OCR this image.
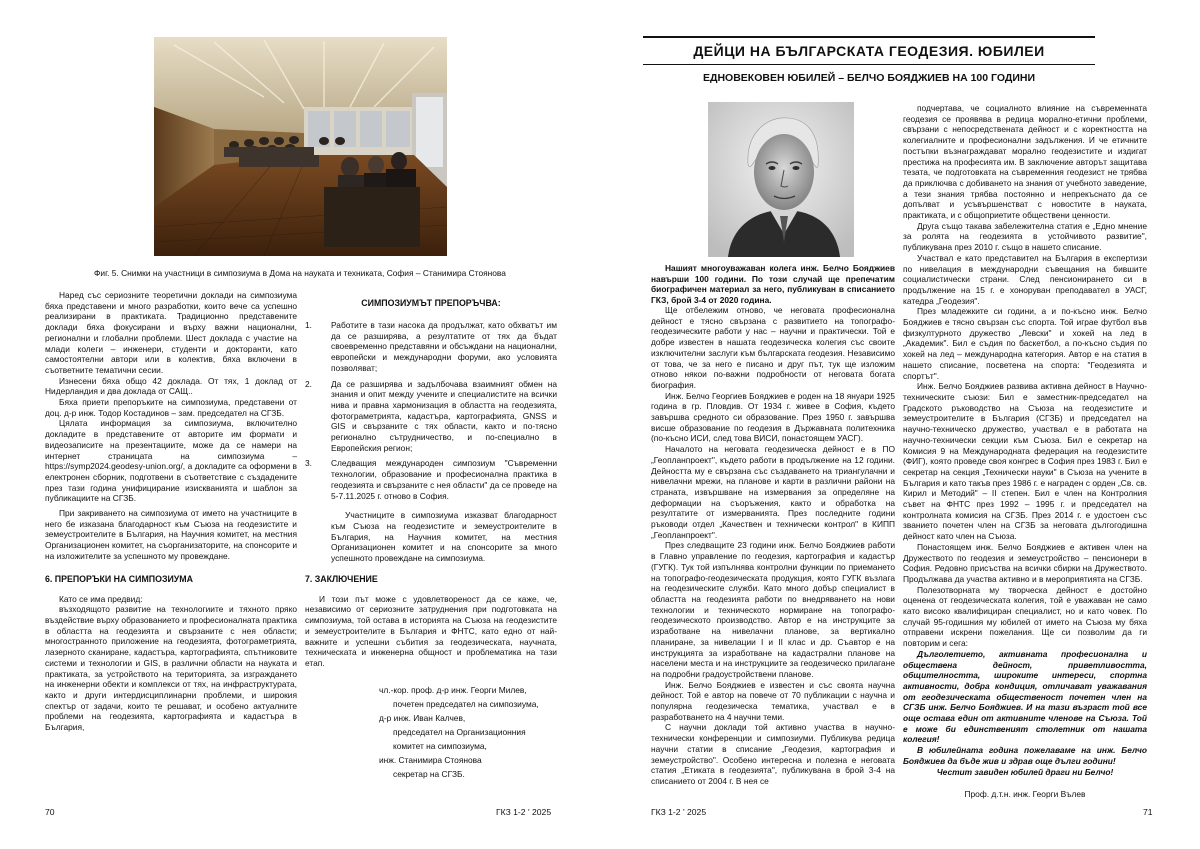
Фиг. 5. Снимки на участници в симпозиума в Дома на науката и техниката, София – Станимира Стоянова

Наред със сериозните теоретични доклади на симпозиума бяха представени и много разработки, които вече са успешно реализирани в практиката. Традиционно представените доклади бяха фокусирани и върху важни национални, регионални и глобални проблеми. Шест доклада с участие на млади колеги – инженери, студенти и докторанти, като самостоятелни автори или в колектив, бяха включени в съответните тематични сесии.

Изнесени бяха общо 42 доклада. От тях, 1 доклад от Нидерландия и два доклада от САЩ..

Бяха приети препоръките на симпозиума, представени от доц. д-р инж. Тодор Костадинов – зам. председател на СГЗБ.

Цялата информация за симпозиума, включително докладите в представените от авторите им формати и видеозаписите на презентациите, може да се намери на интернет страницата на симпозиума – https://symp2024.geodesy-union.org/, а докладите са оформени в електронен сборник, подготвени в съответствие с създадените през тази година унифицирание изискванията и шаблон за публикациите на СГЗБ.

При закриването на симпозиума от името на участниците в него бе изказана благодарност към Съюза на геодезистите и земеустроителите в България, на Научния комитет, на местния Организационен комитет, на съорганизаторите, на спонсорите и на изложителите за успешното му провеждане.

6. ПРЕПОРЪКИ НА СИМПОЗИУМА

Като се има предвид:

възходящото развитие на технологиите и тяхното пряко въздействие върху образованието и професионалната практика в областта на геодезията и свързаните с нея области; многостранното приложение на геодезията, фотограметрията, лазерното сканиране, кадастъра, картографията, спътниковите системи и технологии и GIS, в различни области на науката и практиката, за устройството на територията, за изграждането на инженерни обекти и комплекси от тях, на инфраструктурата, както и други интердисциплинарни проблеми, и широкия спектър от задачи, които те решават, и особено актуалните проблеми на геодезията, картографията и кадастъра в България,

СИМПОЗИУМЪТ ПРЕПОРЪЧВА:

1. Работите в тази насока да продължат, като обхватът им да се разширява, а резултатите от тях да бъдат своевременно представяни и обсъждани на национални, европейски и международни форуми, ако условията позволяват;

2. Да се разширява и задълбочава взаимният обмен на знания и опит между учените и специалистите на всички нива и правна хармонизация в областта на геодезията, фотограметрията, кадастъра, картографията, GNSS и GIS и свързаните с тях области, както и по-тясно регионално сътрудничество, и по-специално в Европейския регион;

3. Следващия международен симпозиум "Съвременни технологии, образование и професионална практика в геодезията и свързаните с нея области" да се проведе на 5-7.11.2025 г. отново в София.

Участниците в симпозиума изказват благодарност към Съюза на геодезистите и земеустроителите в България, на Научния комитет, на местния Организационен комитет и на спонсорите за много успешното провеждане на симпозиума.

7. ЗАКЛЮЧЕНИЕ

И този път може с удовлетвореност да се каже, че, независимо от сериозните затруднения при подготовката на симпозиума, той остава в историята на Съюза на геодезистите и земеустроителите в България и ФНТС, като едно от най-важните и успешни събития за геодезическата, научната, техническата и инженерна общност и проблематика на тази етап.

чл.-кор. проф. д-р инж. Георги Милев,

почетен председател на симпозиума,

д-р инж. Иван Калчев,

председател на Организационния

комитет на симпозиума,

инж. Станимира Стоянова

секретар на СГЗБ.

70	ГКЗ 1-2 ' 2025
ДЕЙЦИ НА БЪЛГАРСКАТА ГЕОДЕЗИЯ. ЮБИЛЕИ

ЕДНОВЕКОВЕН ЮБИЛЕЙ – БЕЛЧО БОЯДЖИЕВ НА 100 ГОДИНИ

Нашият многоуважаван колега инж. Белчо Бояджиев навърши 100 години. По този случай ще препечатим биографичен материал за него, публикуван в списанието ГКЗ, брой 3-4 от 2020 година.

Ще отбележим отново, че неговата професионална дейност е тясно свързана с развитието на топографо-геодезическите работи у нас – научни и практически. Той е добре известен в нашата геодезическа колегия със своите изключителни заслуги към българската геодезия. Независимо от това, че за него е писано и друг път, тук ще изложим отново някои по-важни подробности от неговата богата биография.

Инж. Белчо Георгиев Бояджиев е роден на 18 януари 1925 година в гр. Пловдив. От 1934 г. живее в София, където завършва средното си образование. През 1950 г. завършва висше образование по геодезия в Държавната политехника (по-късно ИСИ, след това ВИСИ, понастоящем УАСГ).

Началото на неговата геодезическа дейност е в ПО „Геопланпроект", където работи в продължение на 12 години. Дейността му е свързана със създаването на триангулачни и нивелачни мрежи, на планове и карти в различни райони на страната, извършване на измервания за определяне на деформации на съоръжения, както и обработка на резултатите от измерванията. През последните години ръководи отдел „Качествен и технически контрол" в КИПП „Геопланпроект".

През следващите 23 години инж. Белчо Бояджиев работи в Главно управление по геодезия, картография и кадастър (ГУГК). Тук той изпълнява контролни функции по приемането на топографо-геодезическата продукция, която ГУГК възлага на геодезическите служби. Като много добър специалист в областта на геодезията работи по внедряването на нови технологии и техническото нормиране на топографо-геодезическото производство. Автор е на инструкците за изработване на нивелачни планове, за вертикално планиране, за нивелации I и II клас и др. Съавтор е на инструкцията за изработване на кадастрални планове на населени места и на инструкциите за геодезическо прилагане на подробни градоустройствени планове.

Инж. Белчо Бояджиев е известен и със своята научна дейност. Той е автор на повече от 70 публикации с научна и популярна геодезическа тематика, участвал е в разработването на 4 научни теми.

С научни доклади той активно участва в научно-технически конференции и симпозиуми. Публикува редица научни статии в списание „Геодезия, картография и земеустройство". Особено интересна и полезна е неговата статия „Етиката в геодезията", публикувана в брой 3-4 на списанието от 2004 г. В нея се

подчертава, че социалното влияние на съвременната геодезия се проявява в редица морално-етични проблеми, свързани с непосредствената дейност и с коректността на колегиалните и професионални задължения. И че етичните постъпки възнаграждават морално геодезистите и издигат престижа на професията им. В заключение авторът защитава тезата, че подготовката на съвременния геодезист не трябва да приключва с добиването на знания от учебното заведение, а тези знания трябва постоянно и непрекъснато да се допълват и усъвършенстват с новостите в науката, практиката, и с общоприетите обществени ценности.

Друга също такава забележителна статия е „Едно мнение за ролята на геодезията в устойчивото развитие", публикувана през 2010 г. също в нашето списание.

Участвал е като представител на България в експертизи по нивелация в международни съвещания на бившите социалистически страни. След пенсионирането си в продължение на 15 г. е хоноруван преподавател в УАСГ, катедра „Геодезия".

През младежките си години, а и по-късно инж. Белчо Бояджиев е тясно свързан със спорта. Той играе футбол във физкултурното дружество „Левски" и хокей на лед в „Академик". Бил е съдия по баскетбол, а по-късно съдия по хокей на лед – международна категория. Автор е на статия в нашето списание, посветена на спорта: "Геодезията и спортът".

Инж. Белчо Бояджиев развива активна дейност в Научно-техническите съюзи: Бил е заместник-председател на Градското ръководство на Съюза на геодезистите и земеустроителите в България (СГЗБ) и председател на научно-техническо дружество, участвал е в работата на научно-технически секции към Съюза. Бил е секретар на Комисия 9 на Международната федерация на геодезистите (ФИГ), която проведе своя конгрес в София през 1983 г. Бил е секретар на секция „Технически науки" в Съюза на учените в България и като такъв през 1986 г. е награден с орден „Св. св. Кирил и Методий" – II степен. Бил е член на Контролния съвет на ФНТС през 1992 – 1995 г. и председател на контролната комисия на СГЗБ. През 2014 г. е удостоен със званието почетен член на СГЗБ за неговата дългогодишна дейност като член на Съюза.

Понастоящем инж. Белчо Бояджиев е активен член на Дружеството по геодезия и земеустройство – пенсионери в София. Редовно присъства на всички сбирки на Дружеството. Продължава да участва активно и в мероприятията на СГЗБ.

Полезотворната му творческа дейност е достойно оценена от геодезическата колегия, той е уважаван не само като високо квалифициран специалист, но и като човек. По случай 95-годишния му юбилей от името на Съюза му бяха отправени искрени пожелания. Ще си позволим да ги повторим и сега:

Дълголетието, активната професионална и обществена дейност, приветливостта, общителността, широките интереси, спортна активности, добра кондиция, отличават уважавания от геодезическата общественост почетен член на СГЗБ инж. Белчо Бояджиев. И на тази възраст той все още остава един от активните членове на Съюза. Той е може би единственият столетник от нашата колегия!

В юбилейната година пожелаваме на инж. Белчо Бояджиев да бъде жив и здрав още дълги години!

Честит завиден юбилей драги ни Белчо!

Проф. д.т.н. инж. Георги Вълев

ГКЗ 1-2 ' 2025	71
